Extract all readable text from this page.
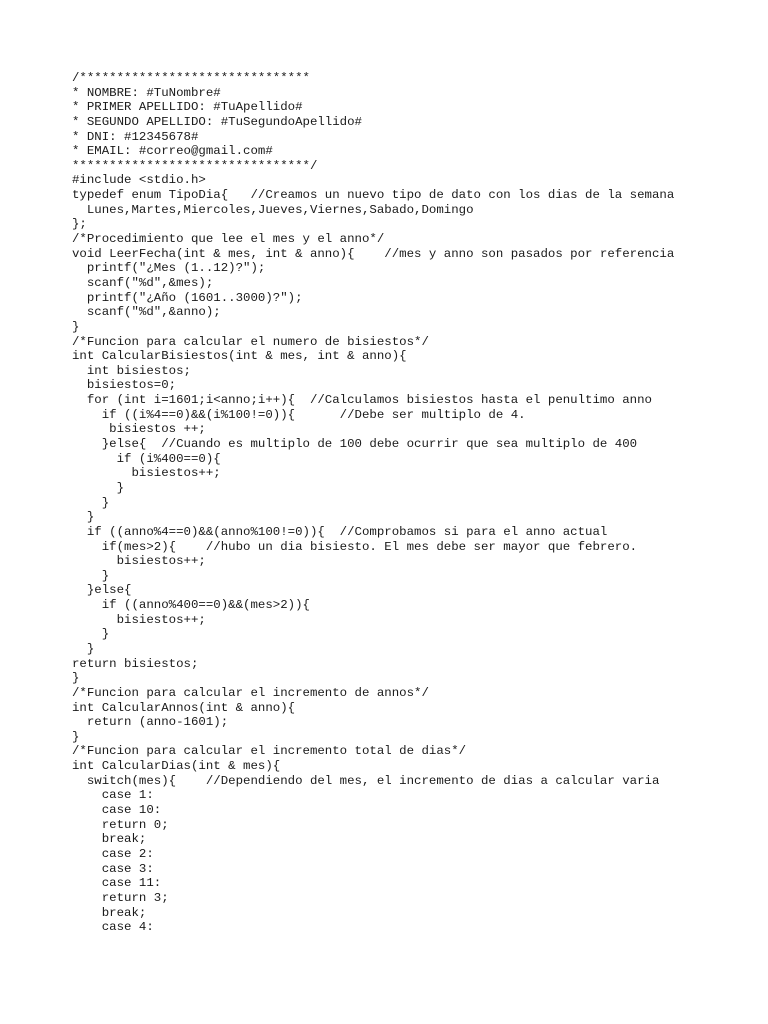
/*******************************
* NOMBRE: #TuNombre#
* PRIMER APELLIDO: #TuApellido#
* SEGUNDO APELLIDO: #TuSegundoApellido#
* DNI: #12345678#
* EMAIL: #correo@gmail.com#
********************************/
#include <stdio.h>
typedef enum TipoDia{   //Creamos un nuevo tipo de dato con los dias de la semana
Lunes,Martes,Miercoles,Jueves,Viernes,Sabado,Domingo
};
/*Procedimiento que lee el mes y el anno*/
void LeerFecha(int & mes, int & anno){    //mes y anno son pasados por referencia
printf("¿Mes (1..12)?");
scanf("%d",&mes);
printf("¿Año (1601..3000)?");
scanf("%d",&anno);
}
/*Funcion para calcular el numero de bisiestos*/
int CalcularBisiestos(int & mes, int & anno){
int bisiestos;
bisiestos=0;
for (int i=1601;i<anno;i++){  //Calculamos bisiestos hasta el penultimo anno
if ((i%4==0)&&(i%100!=0)){      //Debe ser multiplo de 4.
bisiestos ++;
}else{  //Cuando es multiplo de 100 debe ocurrir que sea multiplo de 400
if (i%400==0){
bisiestos++;
}
}
}
if ((anno%4==0)&&(anno%100!=0)){  //Comprobamos si para el anno actual
if(mes>2){    //hubo un dia bisiesto. El mes debe ser mayor que febrero.
bisiestos++;
}
}else{
if ((anno%400==0)&&(mes>2)){
bisiestos++;
}
}
return bisiestos;
}
/*Funcion para calcular el incremento de annos*/
int CalcularAnnos(int & anno){
return (anno-1601);
}
/*Funcion para calcular el incremento total de dias*/
int CalcularDias(int & mes){
switch(mes){    //Dependiendo del mes, el incremento de dias a calcular varia
case 1:
case 10:
return 0;
break;
case 2:
case 3:
case 11:
return 3;
break;
case 4:
